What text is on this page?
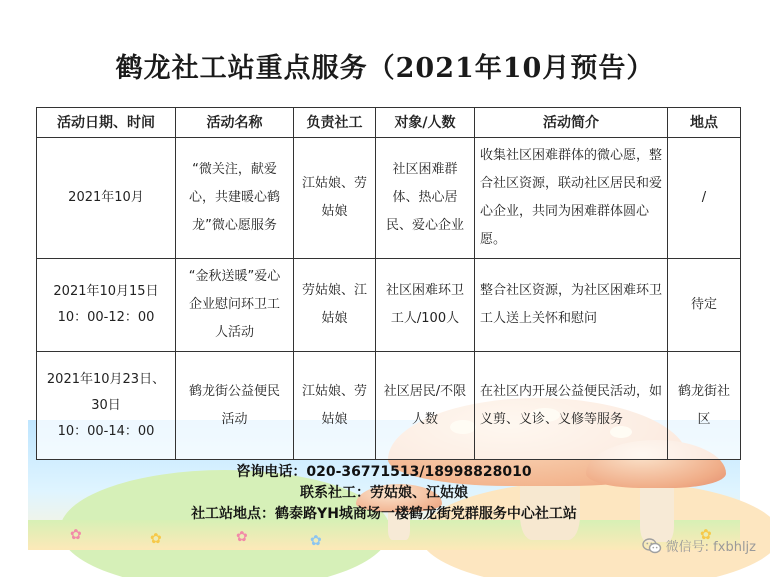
✿	✿	✿	✿	✿
鹤龙社工站重点服务（2021年10月预告）
活动日期、时间	活动名称	负责社工	对象/人数	活动简介	地点

2021年10月	“微关注，献爱心，共建暖心鹤龙”微心愿服务	江姑娘、劳姑娘	社区困难群体、热心居民、爱心企业	收集社区困难群体的微心愿，整合社区资源，联动社区居民和爱心企业，共同为困难群体圆心愿。	/

2021年10月15日
10：00-12：00	“金秋送暖”爱心企业慰问环卫工人活动	劳姑娘、江姑娘	社区困难环卫工人/100人	整合社区资源，为社区困难环卫工人送上关怀和慰问	待定

2021年10月23日、30日
10：00-14：00	鹤龙街公益便民活动	江姑娘、劳姑娘	社区居民/不限人数	在社区内开展公益便民活动，如义剪、义诊、义修等服务	鹤龙街社区
咨询电话：020-36771513/18998828010
联系社工：劳姑娘、江姑娘
社工站地点：鹤泰路YH城商场一楼鹤龙街党群服务中心社工站
微信号: fxbhljz
